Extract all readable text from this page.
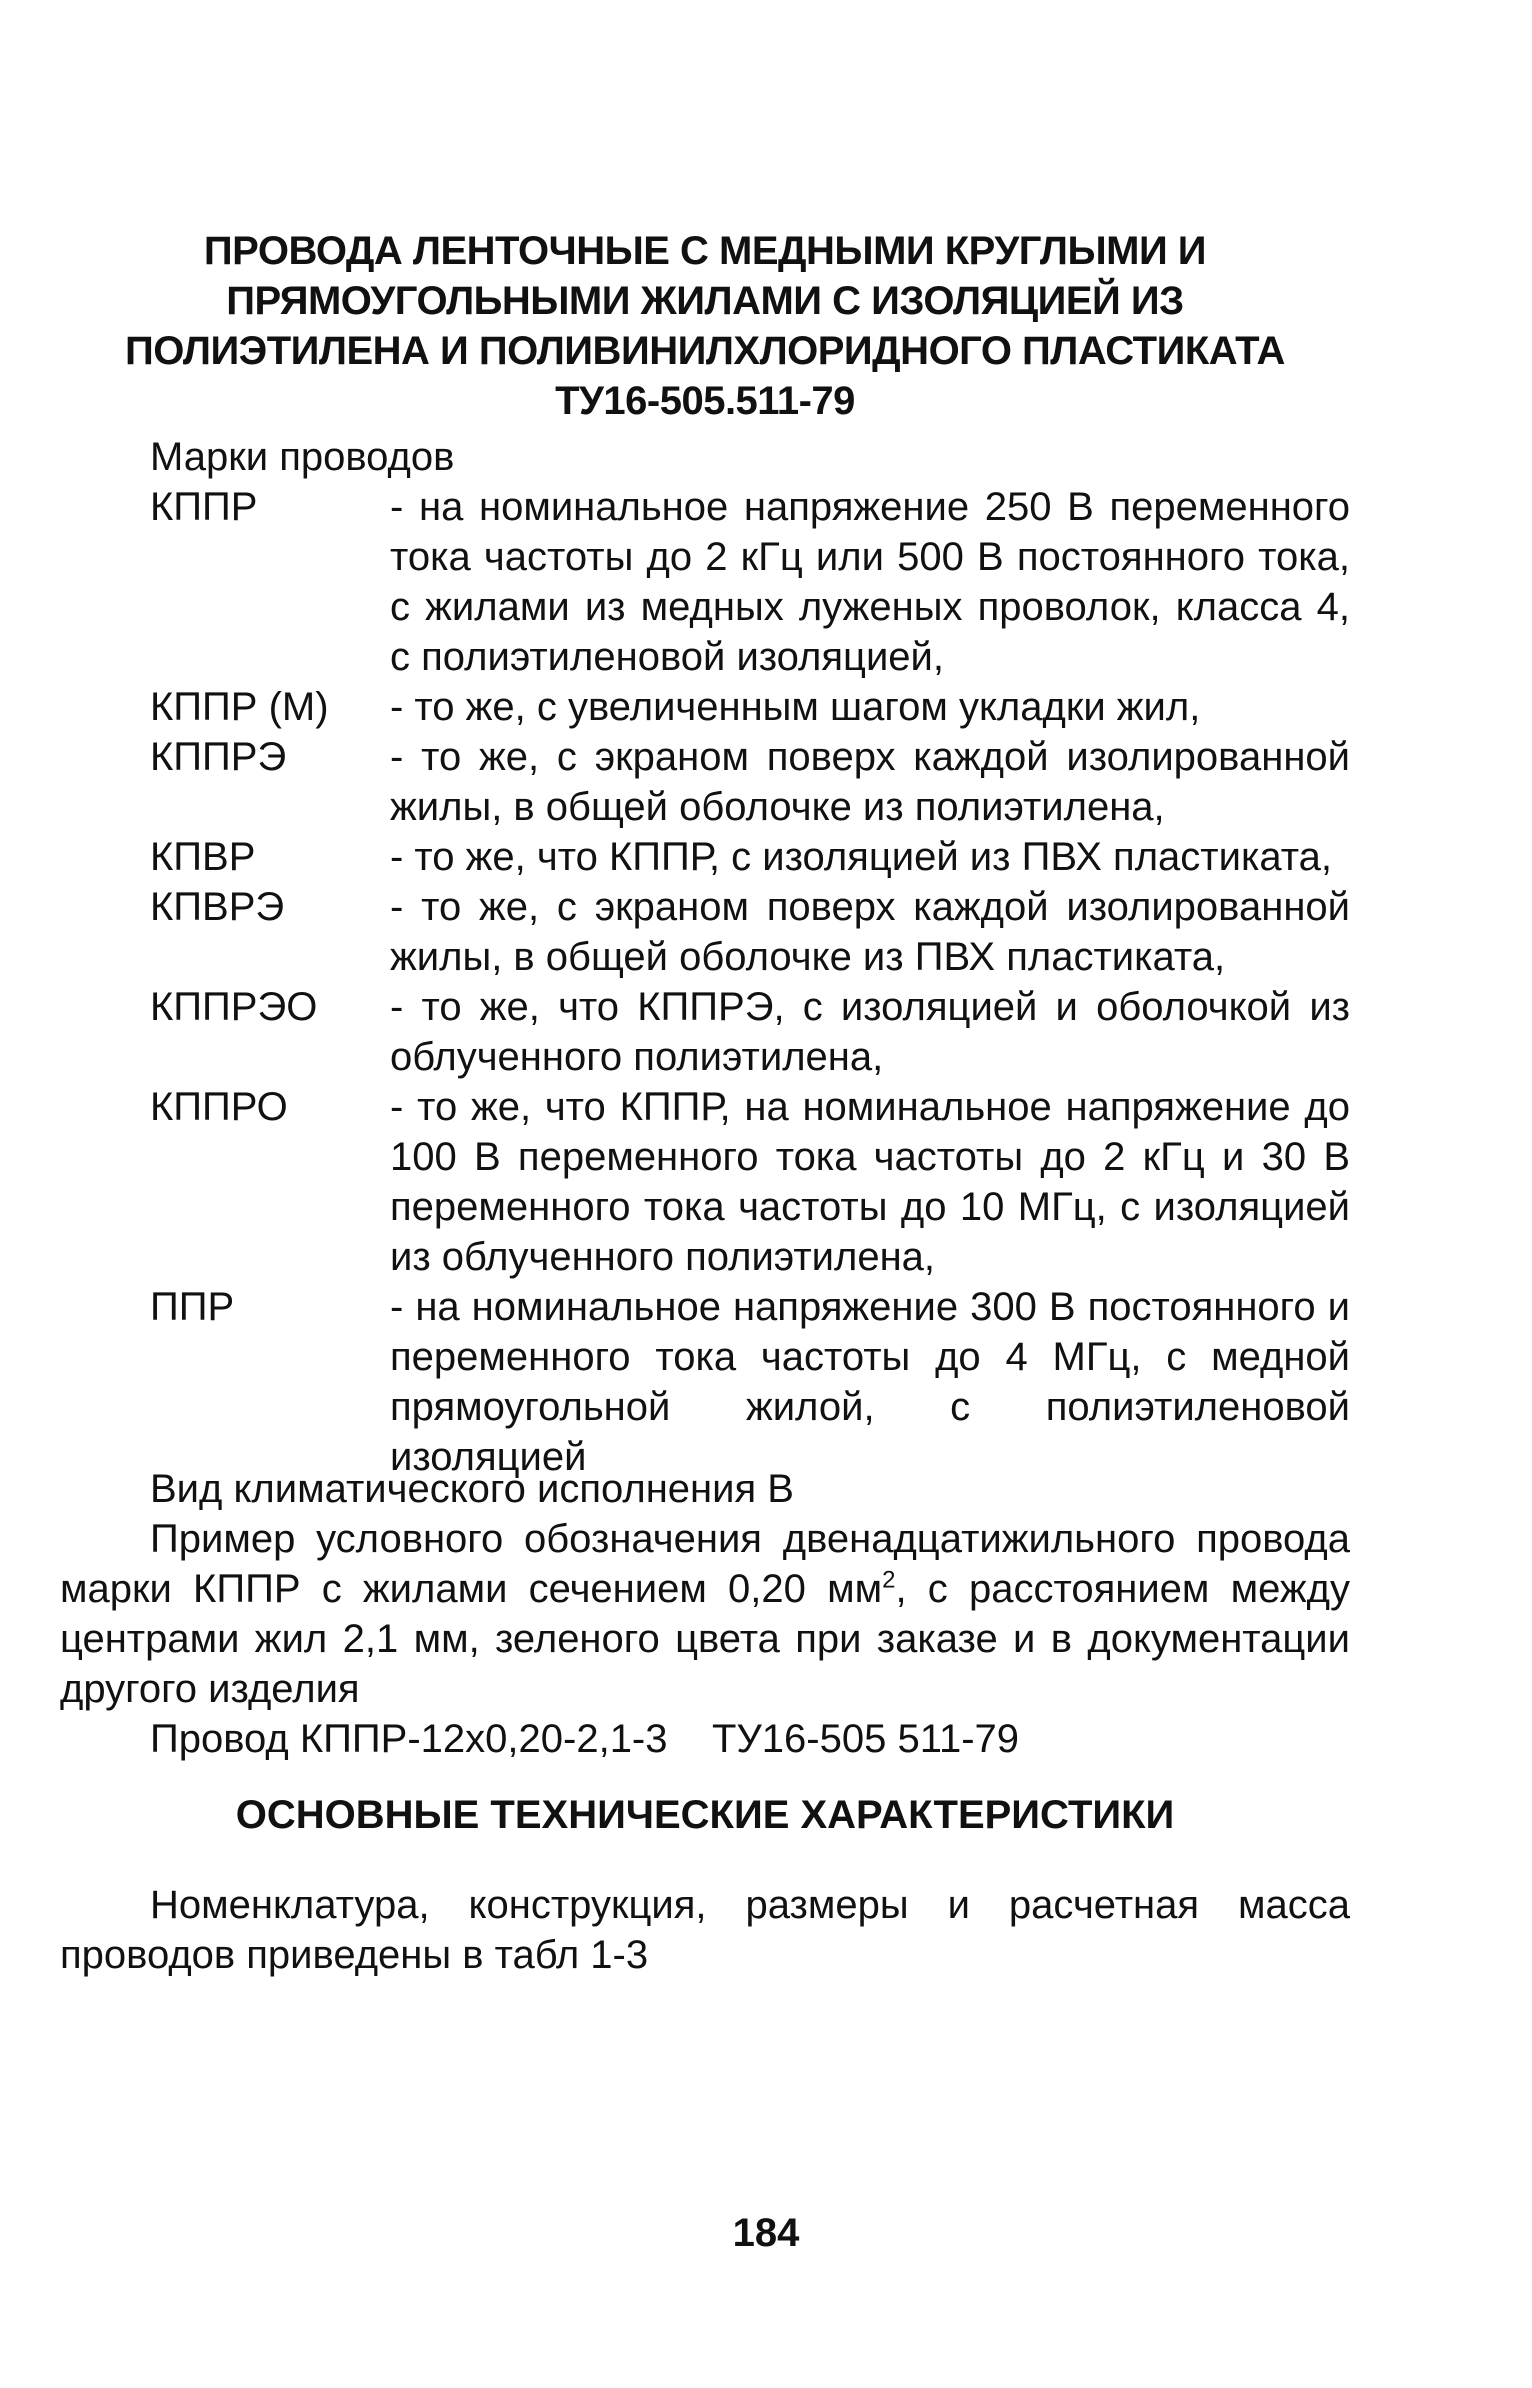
ПРОВОДА ЛЕНТОЧНЫЕ С МЕДНЫМИ КРУГЛЫМИ И
ПРЯМОУГОЛЬНЫМИ ЖИЛАМИ С ИЗОЛЯЦИЕЙ ИЗ
ПОЛИЭТИЛЕНА И ПОЛИВИНИЛХЛОРИДНОГО ПЛАСТИКАТА
ТУ16-505.511-79
Марки проводов
КППР	- на номинальное напряжение 250 В переменного тока частоты до 2 кГц или 500 В постоянного тока, с жилами из медных луженых проволок, класса 4, с полиэтиленовой изоляцией,
КППР (М) - то же, с увеличенным шагом укладки жил,
КППРЭ	- то же, с экраном поверх каждой изолированной жилы, в общей оболочке из полиэтилена,
КПВР	- то же, что КППР, с изоляцией из ПВХ пластиката,
КПВРЭ	- то же, с экраном поверх каждой изолированной жилы, в общей оболочке из ПВХ пластиката,
КППРЭО - то же, что КППРЭ, с изоляцией и оболочкой из облученного полиэтилена,
КППРО	- то же, что КППР, на номинальное напряжение до 100 В переменного тока частоты до 2 кГц и 30 В переменного тока частоты до 10 МГц, с изоляцией из облученного полиэтилена,
ППР	- на номинальное напряжение 300 В постоянного и переменного тока частоты до 4 МГц, с медной прямоугольной жилой, с полиэтиленовой изоляцией
Вид климатического исполнения В
Пример условного обозначения двенадцатижильного провода марки КППР с жилами сечением 0,20 $мм^2$, с расстоянием между центрами жил 2,1 мм, зеленого цвета при заказе и в документации другого изделия
Провод КППР-12х0,20-2,1-3 ТУ16-505 511-79
ОСНОВНЫЕ ТЕХНИЧЕСКИЕ ХАРАКТЕРИСТИКИ
Номенклатура, конструкция, размеры и расчетная масса проводов приведены в табл 1-3
184
